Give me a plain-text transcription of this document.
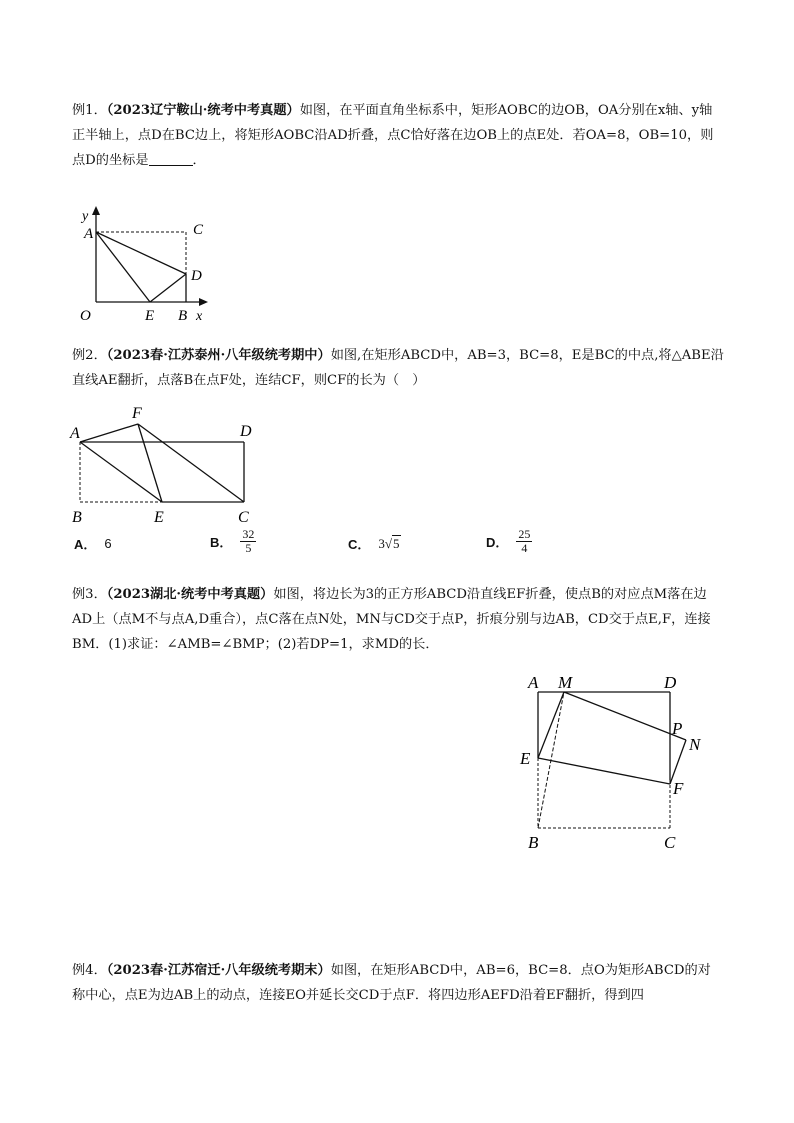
例1．（2023辽宁鞍山·统考中考真题）如图，在平面直角坐标系中，矩形AOBC的边OB，OA分别在x轴、y轴正半轴上，点D在BC边上，将矩形AOBC沿AD折叠，点C恰好落在边OB上的点E处．若OA=8，OB=10，则点D的坐标是	．
y
x
A	C
D
O	E B
例2．（2023春·江苏泰州·八年级统考期中）如图,在矩形ABCD中，AB=3，BC=8，E是BC的中点,将△ABE沿直线AE翻折，点落B在点F处，连结CF，则CF的长为（　）
A
F
D
B	E	C
A． 6	B． $\frac{32}{5}$	C． 3√5	D． $\frac{25}{4}$
例3．（2023湖北·统考中考真题）如图，将边长为3的正方形ABCD沿直线EF折叠，使点B的对应点M落在边AD上（点M不与点A,D重合），点C落在点N处，MN与CD交于点P，折痕分别与边AB，CD交于点E,F，连接BM．(1)求证：∠AMB=∠BMP；(2)若DP=1，求MD的长．
A M	D
P
N
E
F
B	C
例4．（2023春·江苏宿迁·八年级统考期末）如图，在矩形ABCD中，AB=6，BC=8．点O为矩形ABCD的对称中心，点E为边AB上的动点，连接EO并延长交CD于点F．将四边形AEFD沿着EF翻折，得到四
